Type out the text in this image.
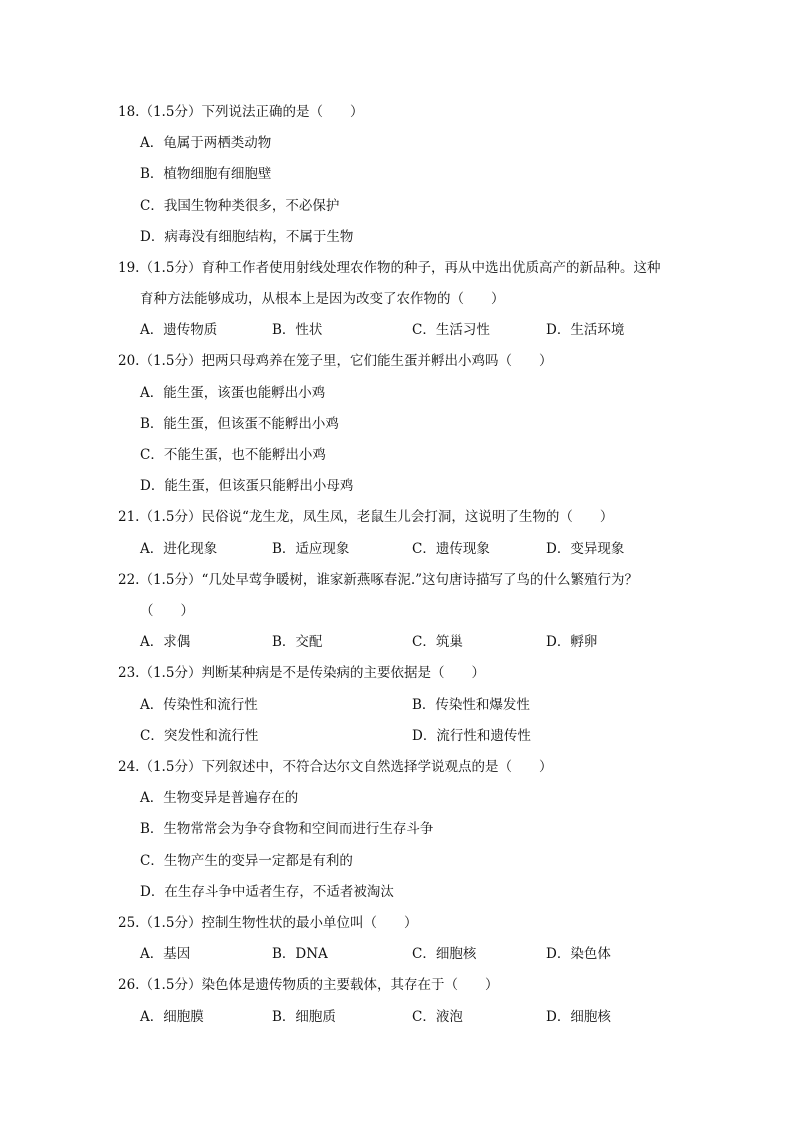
18.（1.5分）下列说法正确的是（　　）
A．龟属于两栖类动物
B．植物细胞有细胞壁
C．我国生物种类很多，不必保护
D．病毒没有细胞结构，不属于生物
19.（1.5分）育种工作者使用射线处理农作物的种子，再从中选出优质高产的新品种。这种
育种方法能够成功，从根本上是因为改变了农作物的（　　）
A．遗传物质	B．性状	C．生活习性	D．生活环境
20.（1.5分）把两只母鸡养在笼子里，它们能生蛋并孵出小鸡吗（　　）
A．能生蛋，该蛋也能孵出小鸡
B．能生蛋，但该蛋不能孵出小鸡
C．不能生蛋，也不能孵出小鸡
D．能生蛋，但该蛋只能孵出小母鸡
21.（1.5分）民俗说“龙生龙，凤生凤，老鼠生儿会打洞，这说明了生物的（　　）
A．进化现象	B．适应现象	C．遗传现象	D．变异现象
22.（1.5分）“几处早莺争暖树，谁家新燕啄春泥.”这句唐诗描写了鸟的什么繁殖行为？
（　　）
A．求偶	B．交配	C．筑巢	D．孵卵
23.（1.5分）判断某种病是不是传染病的主要依据是（　　）
A．传染性和流行性	B．传染性和爆发性
C．突发性和流行性	D．流行性和遗传性
24.（1.5分）下列叙述中，不符合达尔文自然选择学说观点的是（　　）
A．生物变异是普遍存在的
B．生物常常会为争夺食物和空间而进行生存斗争
C．生物产生的变异一定都是有利的
D．在生存斗争中适者生存，不适者被淘汰
25.（1.5分）控制生物性状的最小单位叫（　　）
A．基因	B．DNA	C．细胞核	D．染色体
26.（1.5分）染色体是遗传物质的主要载体，其存在于（　　）
A．细胞膜	B．细胞质	C．液泡	D．细胞核
